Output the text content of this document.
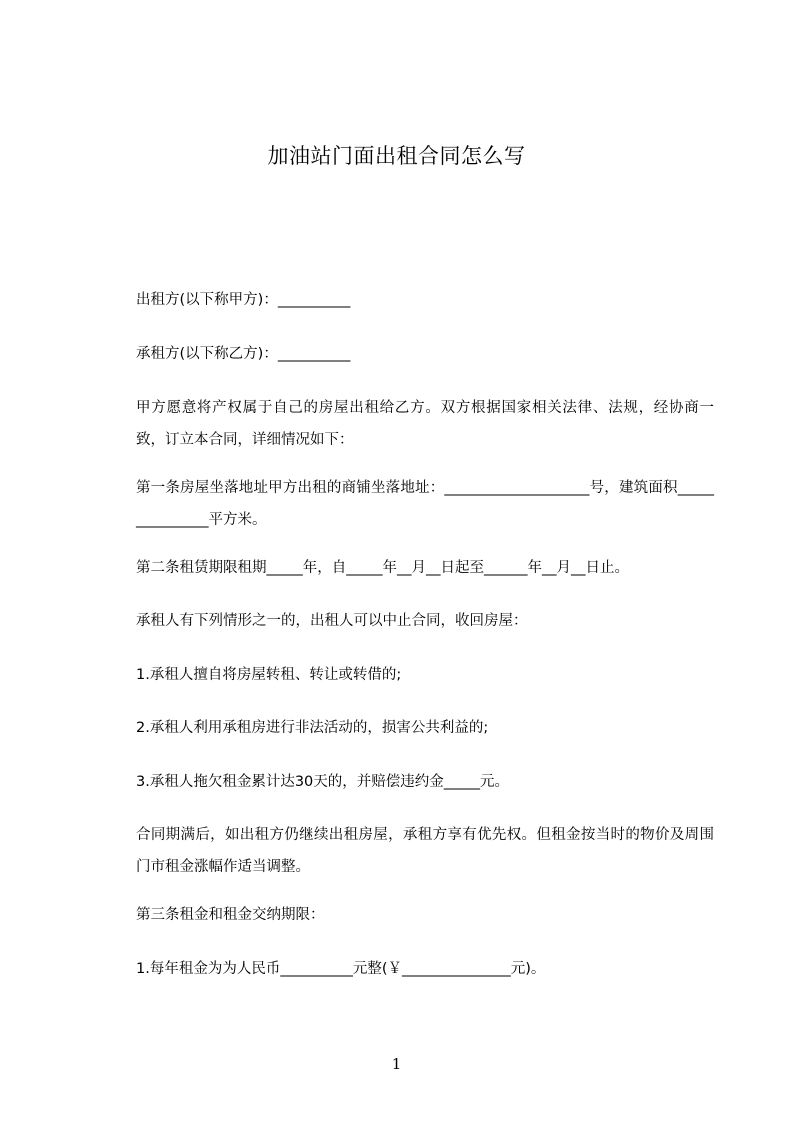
加油站门面出租合同怎么写
出租方(以下称甲方)：__________
承租方(以下称乙方)：__________
甲方愿意将产权属于自己的房屋出租给乙方。双方根据国家相关法律、法规，经协商一致，订立本合同，详细情况如下：
第一条房屋坐落地址甲方出租的商铺坐落地址：____________________号，建筑面积_______________平方米。
第二条租赁期限租期_____年，自_____年__月__日起至______年__月__日止。
承租人有下列情形之一的，出租人可以中止合同，收回房屋：
1.承租人擅自将房屋转租、转让或转借的;
2.承租人利用承租房进行非法活动的，损害公共利益的;
3.承租人拖欠租金累计达30天的，并赔偿违约金_____元。
合同期满后，如出租方仍继续出租房屋，承租方享有优先权。但租金按当时的物价及周围门市租金涨幅作适当调整。
第三条租金和租金交纳期限：
1.每年租金为为人民币__________元整(￥_______________元)。
1
